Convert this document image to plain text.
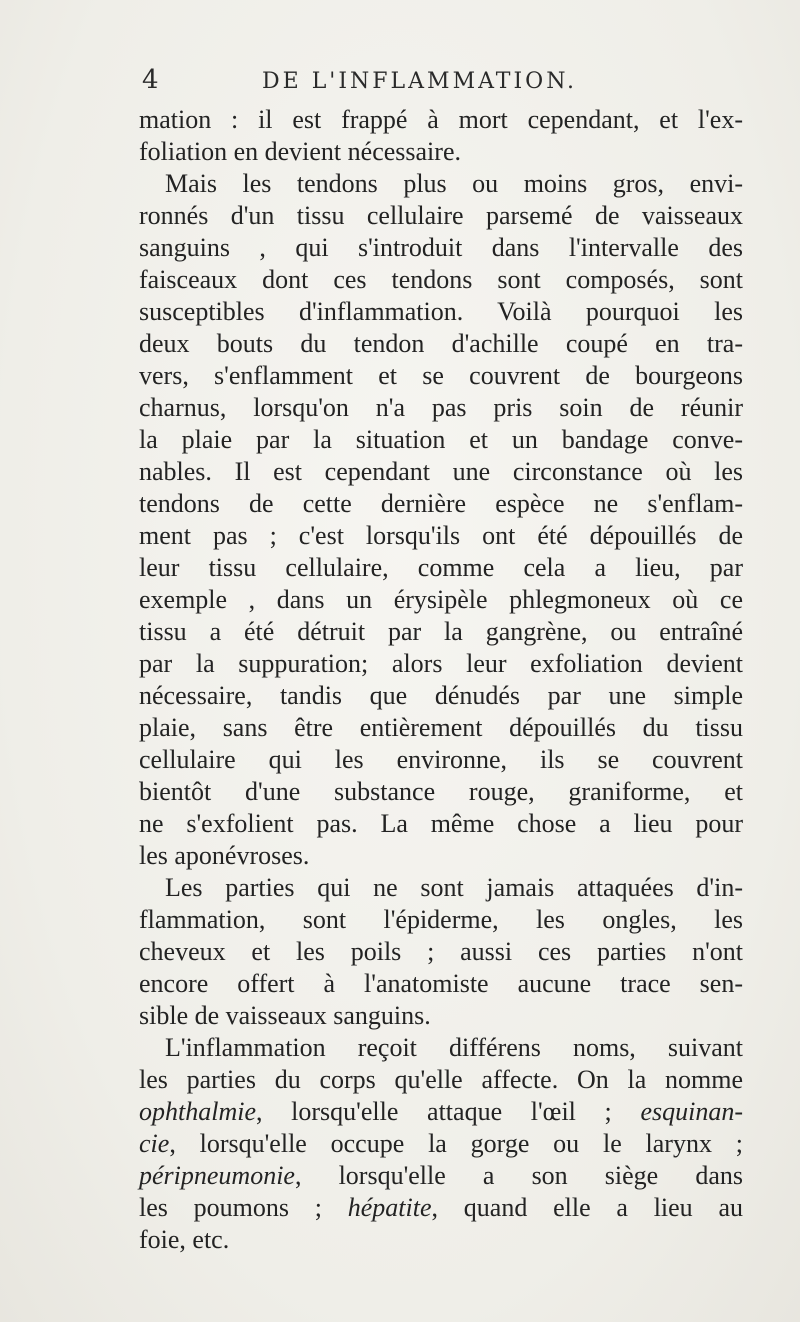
4	DE L'INFLAMMATION.
mation : il est frappé à mort cependant, et l'ex-
foliation en devient nécessaire.
Mais les tendons plus ou moins gros, envi-
ronnés d'un tissu cellulaire parsemé de vaisseaux
sanguins , qui s'introduit dans l'intervalle des
faisceaux dont ces tendons sont composés, sont
susceptibles d'inflammation. Voilà pourquoi les
deux bouts du tendon d'achille coupé en tra-
vers, s'enflamment et se couvrent de bourgeons
charnus, lorsqu'on n'a pas pris soin de réunir
la plaie par la situation et un bandage conve-
nables. Il est cependant une circonstance où les
tendons de cette dernière espèce ne s'enflam-
ment pas ; c'est lorsqu'ils ont été dépouillés de
leur tissu cellulaire, comme cela a lieu, par
exemple , dans un érysipèle phlegmoneux où ce
tissu a été détruit par la gangrène, ou entraîné
par la suppuration; alors leur exfoliation devient
nécessaire, tandis que dénudés par une simple
plaie, sans être entièrement dépouillés du tissu
cellulaire qui les environne, ils se couvrent
bientôt d'une substance rouge, graniforme, et
ne s'exfolient pas. La même chose a lieu pour
les aponévroses.
Les parties qui ne sont jamais attaquées d'in-
flammation, sont l'épiderme, les ongles, les
cheveux et les poils ; aussi ces parties n'ont
encore offert à l'anatomiste aucune trace sen-
sible de vaisseaux sanguins.
L'inflammation reçoit différens noms, suivant
les parties du corps qu'elle affecte. On la nomme
ophthalmie, lorsqu'elle attaque l'œil ; esquinan-
cie, lorsqu'elle occupe la gorge ou le larynx ;
péripneumonie, lorsqu'elle a son siège dans
les poumons ; hépatite, quand elle a lieu au
foie, etc.
